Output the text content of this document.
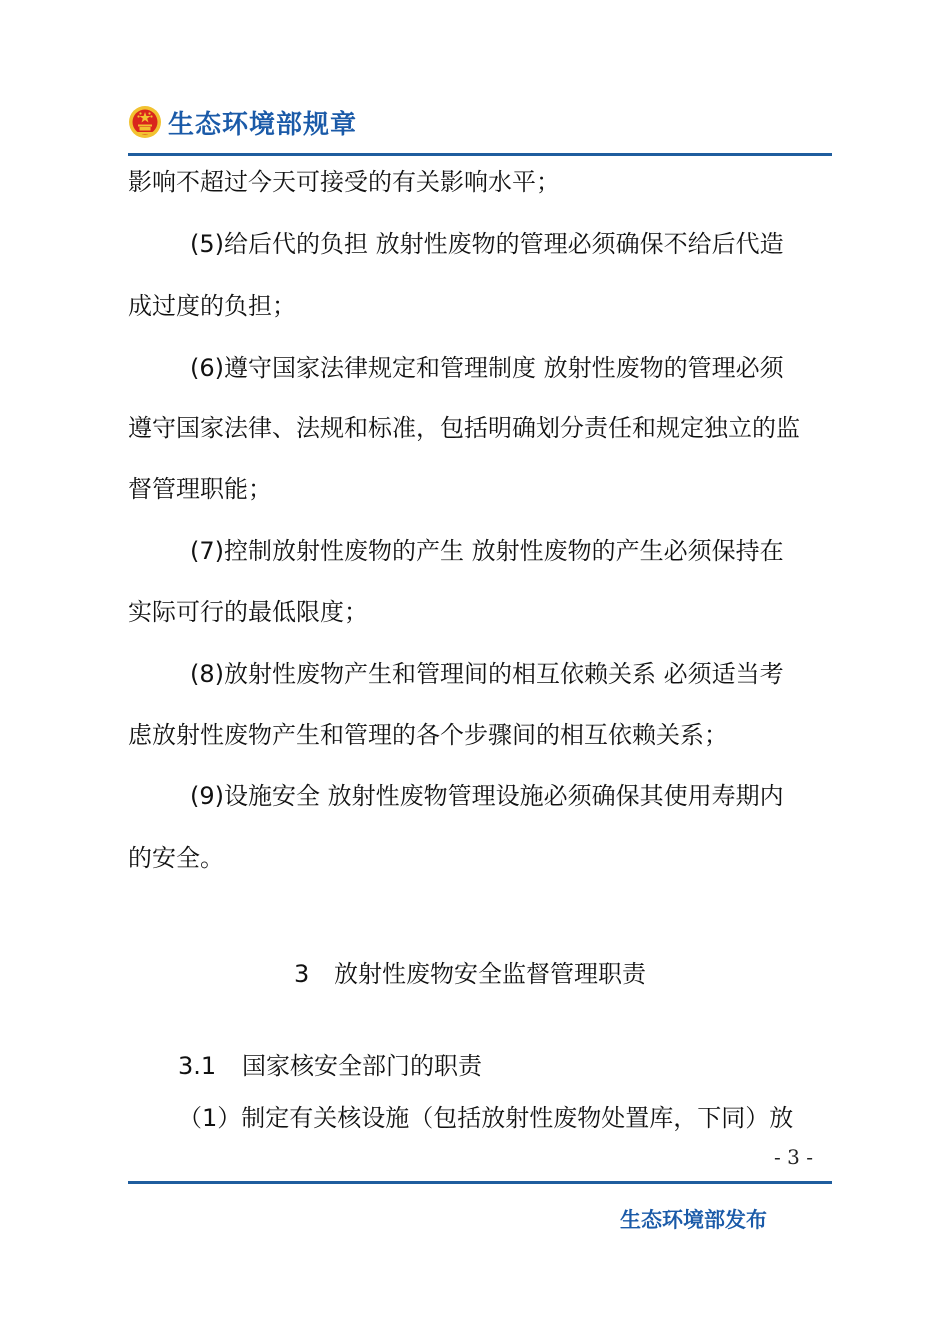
生态环境部规章
影响不超过今天可接受的有关影响水平；
(5)给后代的负担 放射性废物的管理必须确保不给后代造
成过度的负担；
(6)遵守国家法律规定和管理制度 放射性废物的管理必须
遵守国家法律、法规和标准，包括明确划分责任和规定独立的监
督管理职能；
(7)控制放射性废物的产生 放射性废物的产生必须保持在
实际可行的最低限度；
(8)放射性废物产生和管理间的相互依赖关系 必须适当考
虑放射性废物产生和管理的各个步骤间的相互依赖关系；
(9)设施安全 放射性废物管理设施必须确保其使用寿期内
的安全。
3 放射性废物安全监督管理职责
3.1 国家核安全部门的职责
（1）制定有关核设施（包括放射性废物处置库，下同）放
- 3 -
生态环境部发布
